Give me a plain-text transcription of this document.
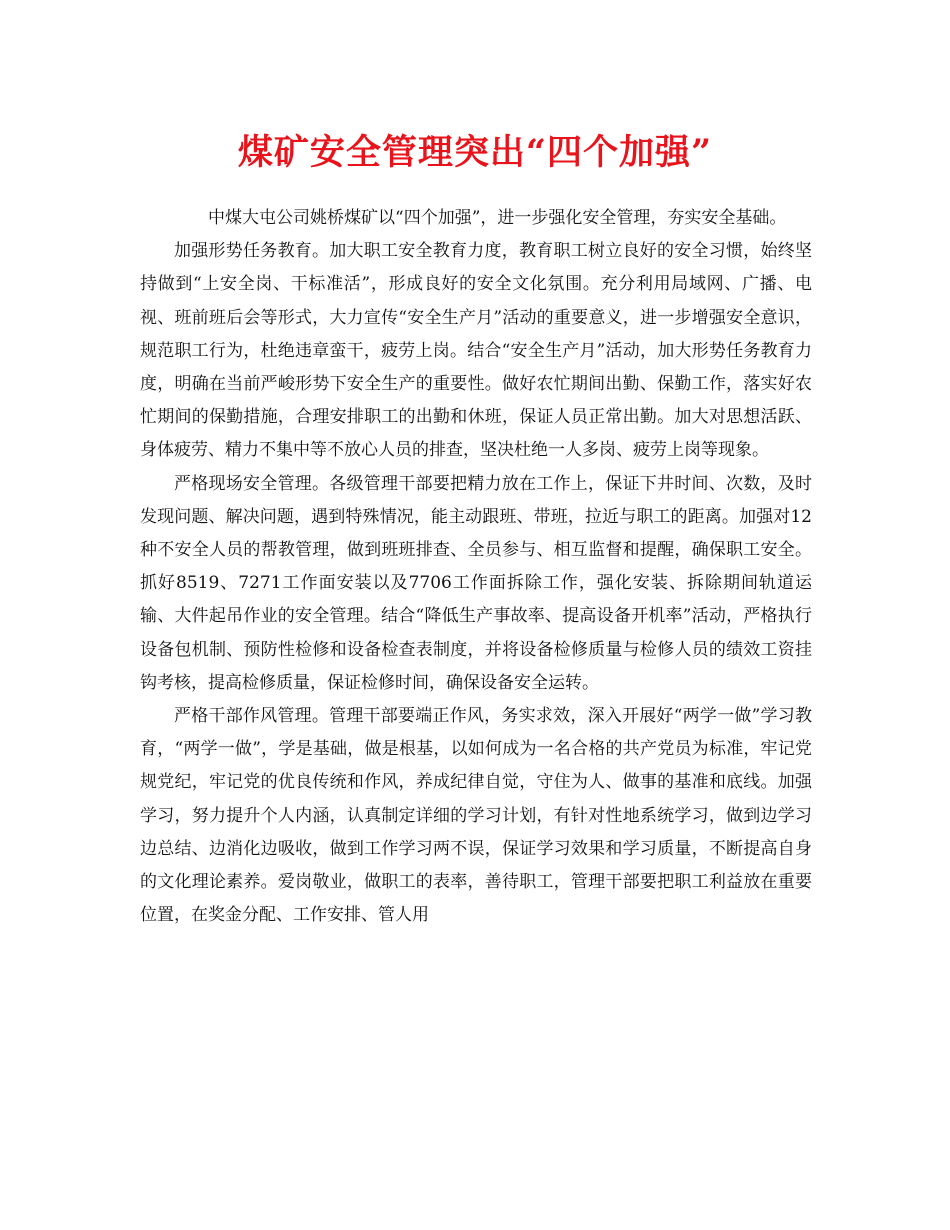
煤矿安全管理突出“四个加强”

中煤大屯公司姚桥煤矿以“四个加强”，进一步强化安全管理，夯实安全基础。

加强形势任务教育。加大职工安全教育力度，教育职工树立良好的安全习惯，始终坚持做到“上安全岗、干标准活”，形成良好的安全文化氛围。充分利用局域网、广播、电视、班前班后会等形式，大力宣传“安全生产月”活动的重要意义，进一步增强安全意识，规范职工行为，杜绝违章蛮干，疲劳上岗。结合“安全生产月”活动，加大形势任务教育力度，明确在当前严峻形势下安全生产的重要性。做好农忙期间出勤、保勤工作，落实好农忙期间的保勤措施，合理安排职工的出勤和休班，保证人员正常出勤。加大对思想活跃、身体疲劳、精力不集中等不放心人员的排查，坚决杜绝一人多岗、疲劳上岗等现象。

严格现场安全管理。各级管理干部要把精力放在工作上，保证下井时间、次数，及时发现问题、解决问题，遇到特殊情况，能主动跟班、带班，拉近与职工的距离。加强对12种不安全人员的帮教管理，做到班班排查、全员参与、相互监督和提醒，确保职工安全。抓好8519、7271工作面安装以及7706工作面拆除工作，强化安装、拆除期间轨道运输、大件起吊作业的安全管理。结合“降低生产事故率、提高设备开机率”活动，严格执行设备包机制、预防性检修和设备检查表制度，并将设备检修质量与检修人员的绩效工资挂钩考核，提高检修质量，保证检修时间，确保设备安全运转。

严格干部作风管理。管理干部要端正作风，务实求效，深入开展好“两学一做”学习教育，“两学一做”，学是基础，做是根基，以如何成为一名合格的共产党员为标准，牢记党规党纪，牢记党的优良传统和作风，养成纪律自觉，守住为人、做事的基准和底线。加强学习，努力提升个人内涵，认真制定详细的学习计划，有针对性地系统学习，做到边学习边总结、边消化边吸收，做到工作学习两不误，保证学习效果和学习质量，不断提高自身的文化理论素养。爱岗敬业，做职工的表率，善待职工，管理干部要把职工利益放在重要位置，在奖金分配、工作安排、管人用
